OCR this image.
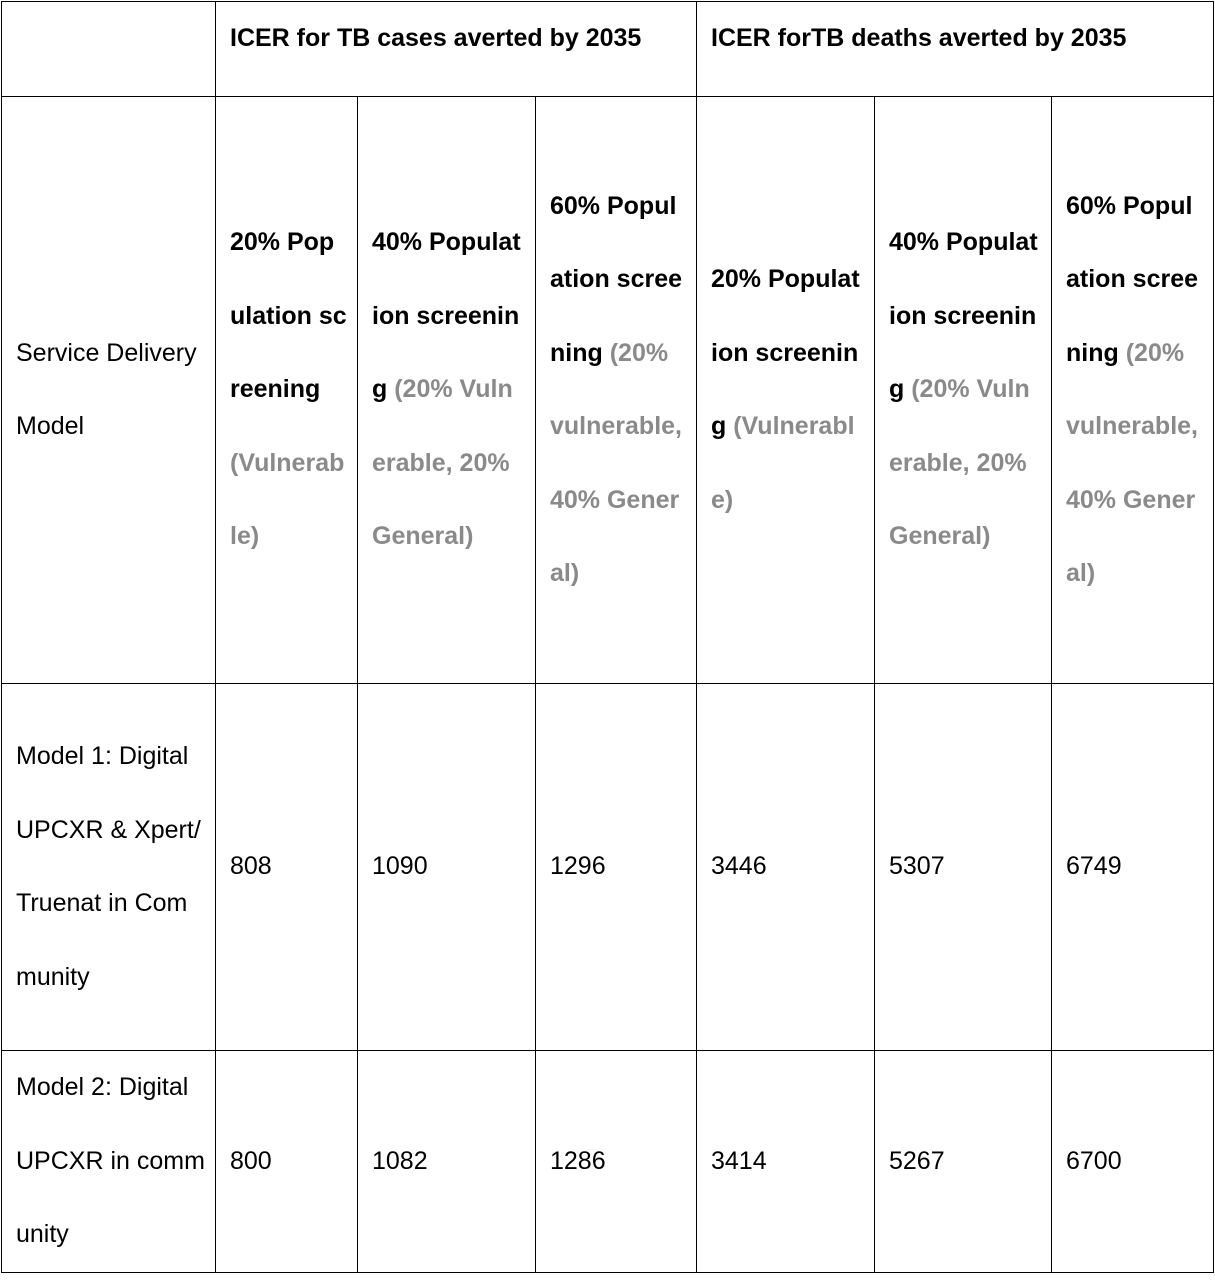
	ICER for TB cases averted by 2035			ICER forTB deaths averted by 2035		
Service Delivery Model	20% Population screening (Vulnerable)	40% Population screening (20% Vulnerable, 20% General)	60% Population screening (20% vulnerable, 40% General)	20% Population screening (Vulnerable)	40% Population screening (20% Vulnerable, 20% General)	60% Population screening (20% vulnerable, 40% General)
Model 1: Digital UPCXR & Xpert/Truenat in Community	808	1090	1296	3446	5307	6749
Model 2: Digital UPCXR in community	800	1082	1286	3414	5267	6700
